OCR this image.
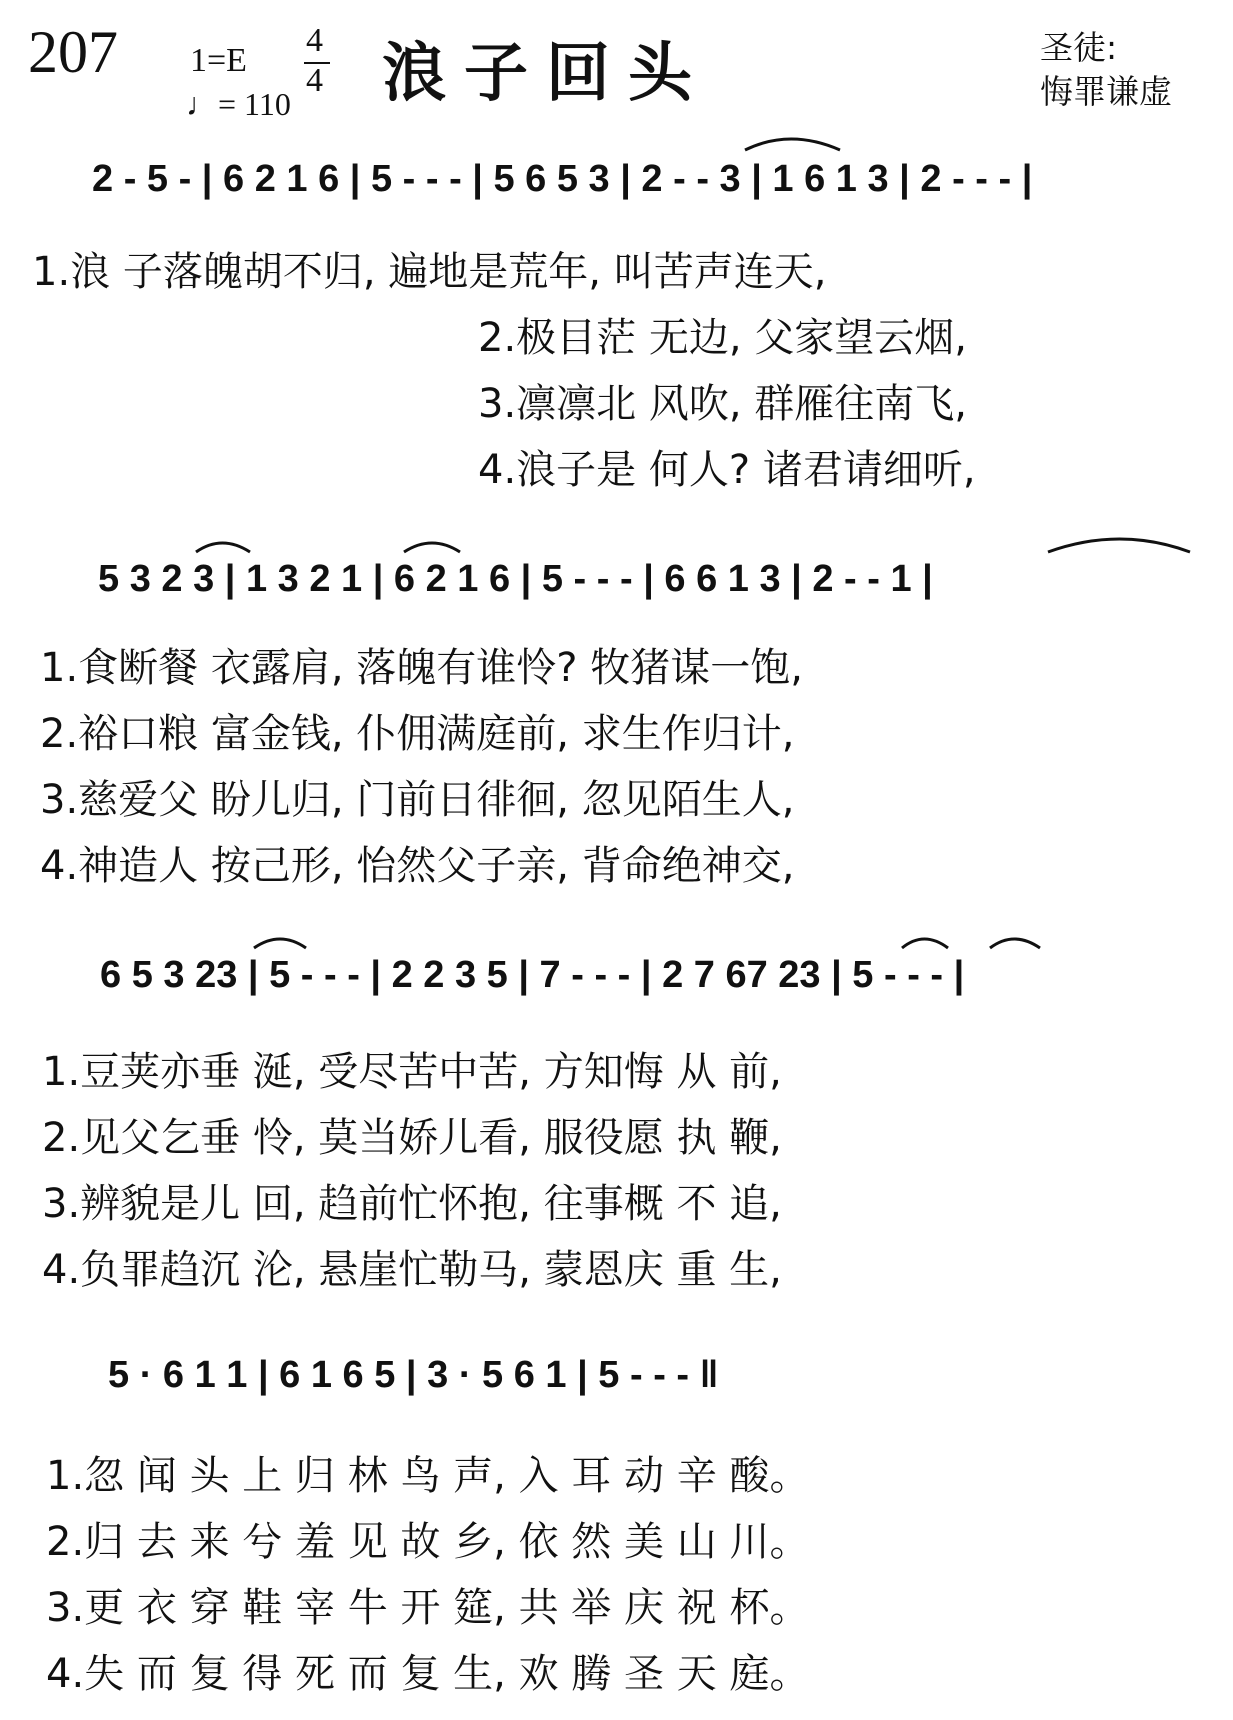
207 1=E
4
4
♩= 110 浪子回头	圣徒:
悔罪谦虚
2 - 5 - | 6 2 1 6 | 5 - - - | 5 6 5 3 | 2 - - 3 | 1 6 1 3 | 2 - - - |
1.浪 子落魄胡不归, 遍地是荒年, 叫苦声连天,
2.极目茫 无边, 父家望云烟,
3.凛凛北 风吹, 群雁往南飞,
4.浪子是 何人? 诸君请细听,
5 3 2 3 | 1 3 2 1 | 6 2 1 6 | 5 - - - | 6 6 1 3 | 2 - - 1 |
1.食断餐 衣露肩, 落魄有谁怜? 牧猪谋一饱,
2.裕口粮 富金钱, 仆佣满庭前, 求生作归计,
3.慈爱父 盼儿归, 门前日徘徊, 忽见陌生人,
4.神造人 按己形, 怡然父子亲, 背命绝神交,
6 5 3 23 | 5 - - - | 2 2 3 5 | 7 - - - | 2 7 67 23 | 5 - - - |
1.豆荚亦垂 涎, 受尽苦中苦, 方知悔 从 前,
2.见父乞垂 怜, 莫当娇儿看, 服役愿 执 鞭,
3.辨貌是儿 回, 趋前忙怀抱, 往事概 不 追,
4.负罪趋沉 沦, 悬崖忙勒马, 蒙恩庆 重 生,
5 · 6 1 1 | 6 1 6 5 | 3 · 5 6 1 | 5 - - - ‖
1.忽 闻 头 上 归 林 鸟 声, 入 耳 动 辛 酸。
2.归 去 来 兮 羞 见 故 乡, 依 然 美 山 川。
3.更 衣 穿 鞋 宰 牛 开 筵, 共 举 庆 祝 杯。
4.失 而 复 得 死 而 复 生, 欢 腾 圣 天 庭。
